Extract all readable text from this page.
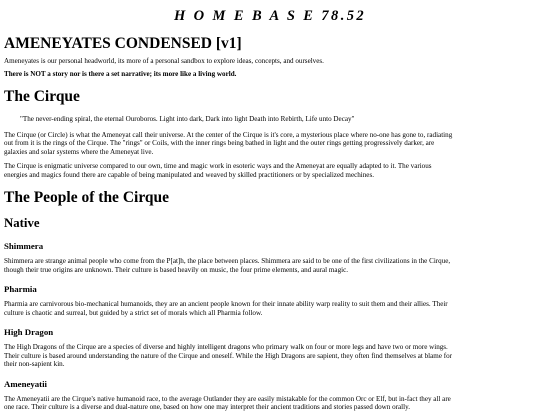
H O M E B A S E 78.52
AMENEYATES CONDENSED [v1]
Ameneyates is our personal headworld, its more of a personal sandbox to explore ideas, concepts, and ourselves.
There is NOT a story nor is there a set narrative; its more like a living world.
The Cirque
"The never-ending spiral, the eternal Ouroboros. Light into dark, Dark into light Death into Rebirth, Life unto Decay"
The Cirque (or Circle) is what the Ameneyat call their universe. At the center of the Cirque is it's core, a mysterious place where no-one has gone to, radiating
out from it is the rings of the Cirque. The "rings" or Coils, with the inner rings being bathed in light and the outer rings getting progressively darker, are
galaxies and solar systems where the Ameneyat live.
The Cirque is enigmatic universe compared to our own, time and magic work in esoteric ways and the Ameneyat are equally adapted to it. The various
energies and magics found there are capable of being manipulated and weaved by skilled practitioners or by specialized mechines.
The People of the Cirque
Native
Shimmera
Shimmera are strange animal people who come from the P[at]h, the place between places. Shimmera are said to be one of the first civilizations in the Cirque,
though their true origins are unknown. Their culture is based heavily on music, the four prime elements, and aural magic.
Pharmia
Pharmia are carnivorous bio-mechanical humanoids, they are an ancient people known for their innate ability warp reality to suit them and their allies. Their
culture is chaotic and surreal, but guided by a strict set of morals which all Pharmia follow.
High Dragon
The High Dragons of the Cirque are a species of diverse and highly intelligent dragons who primary walk on four or more legs and have two or more wings.
Their culture is based around understanding the nature of the Cirque and oneself. While the High Dragons are sapient, they often find themselves at blame for
their non-sapient kin.
Ameneyatii
The Ameneyatii are the Cirque's native humanoid race, to the average Outlander they are easily mistakable for the common Orc or Elf, but in-fact they all are
one race. Their culture is a diverse and dual-nature one, based on how one may interpret their ancient traditions and stories passed down orally.
